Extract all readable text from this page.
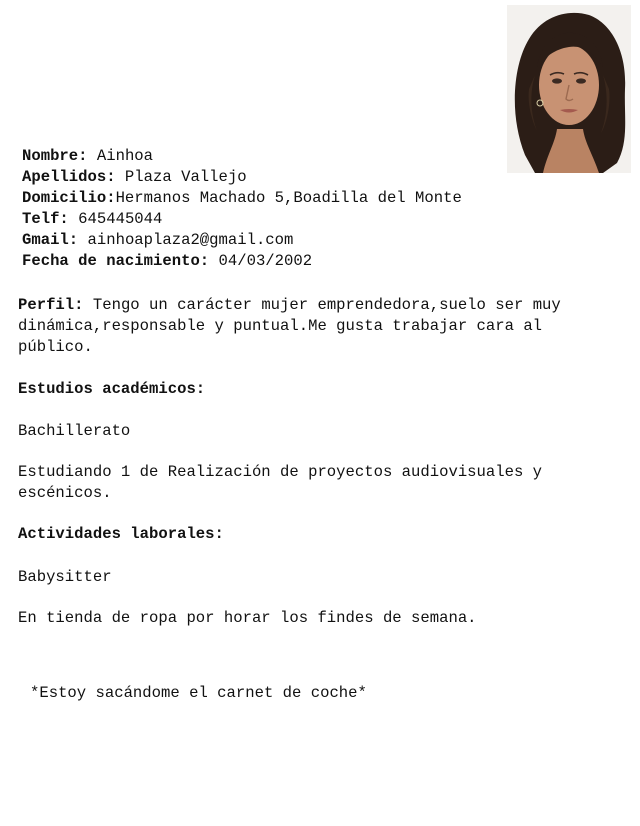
Nombre: Ainhoa
Apellidos: Plaza Vallejo
Domicilio:Hermanos Machado 5,Boadilla del Monte
Telf: 645445044
Gmail: ainhoaplaza2@gmail.com
Fecha de nacimiento: 04/03/2002
Perfil: Tengo un carácter mujer emprendedora,suelo ser muy dinámica,responsable y puntual.Me gusta trabajar cara al público.
Estudios académicos:
Bachillerato
Estudiando 1 de Realización de proyectos audiovisuales y escénicos.
Actividades laborales:
Babysitter
En tienda de ropa por horar los findes de semana.
*Estoy sacándome el carnet de coche*
